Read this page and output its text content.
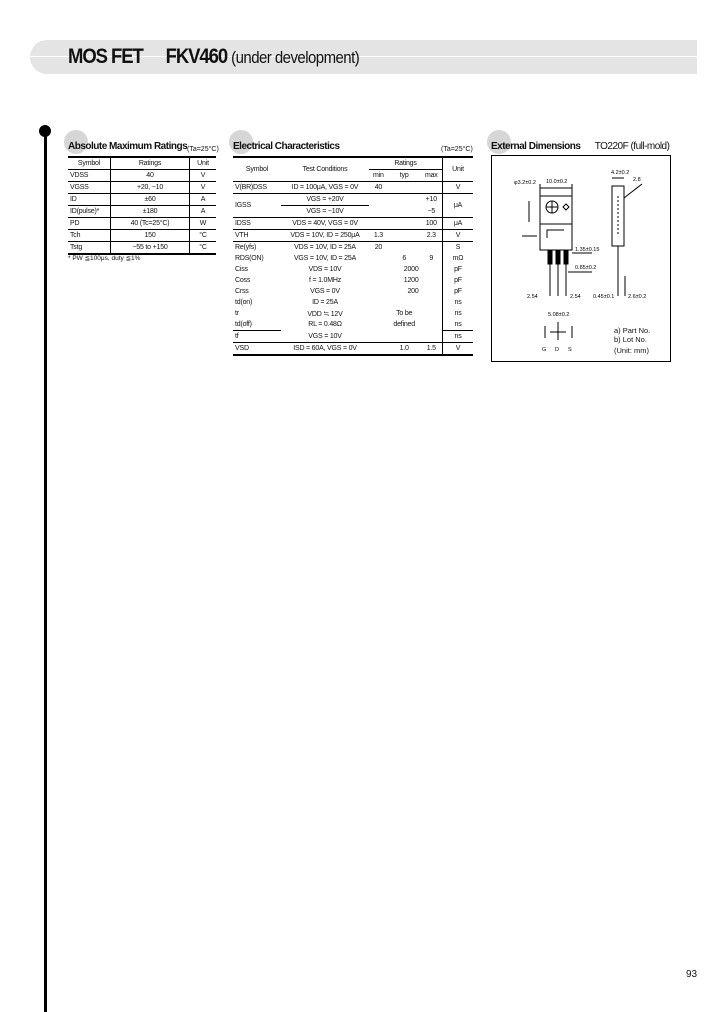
MOS FET FKV460 (under development)
Absolute Maximum Ratings (Ta=25°C)
Symbol	Ratings	Unit
VDSS	40	V
VGSS	+20, −10	V
ID	±60	A
ID(pulse)*	±180	A
PD	40 (Tc=25°C)	W
Tch	150	°C
Tstg	−55 to +150	°C
* PW ≦100μs, duty ≦1%
Electrical Characteristics	(Ta=25°C)
Symbol	Test Conditions	Ratings			Unit
		min	typ	max	
V(BR)DSS	ID = 100μA, VGS = 0V	40			V
IGSS	VGS = +20V			+10	μA
	VGS = −10V			−5	
IDSS	VDS = 40V, VGS = 0V			100	μA
VTH	VDS = 10V, ID = 250μA	1.3		2.3	V
Re(yfs)	VDS = 10V, ID = 25A	20			S
RDS(ON)	VGS = 10V, ID = 25A		6	9	mΩ
Ciss	VDS = 10V		2000		pF
Coss	f = 1.0MHz		1200		pF
Crss	VGS = 0V		200		pF
td(on)	ID = 25A				ns
tr	VDD ≒ 12V		To be		ns
td(off)	RL = 0.48Ω		defined		ns
tf	VGS = 10V				ns
VSD	ISD = 60A, VGS = 0V		1.0	1.5	V
External Dimensions TO220F (full-mold)
φ3.2±0.2 10.0±0.2
4.2±0.2
2.8
1.35±0.15
0.85±0.2
2.54	2.54 0.45±0.1 2.6±0.2
5.08±0.2
G D S
a) Part No.
b) Lot No.
(Unit: mm)
93
